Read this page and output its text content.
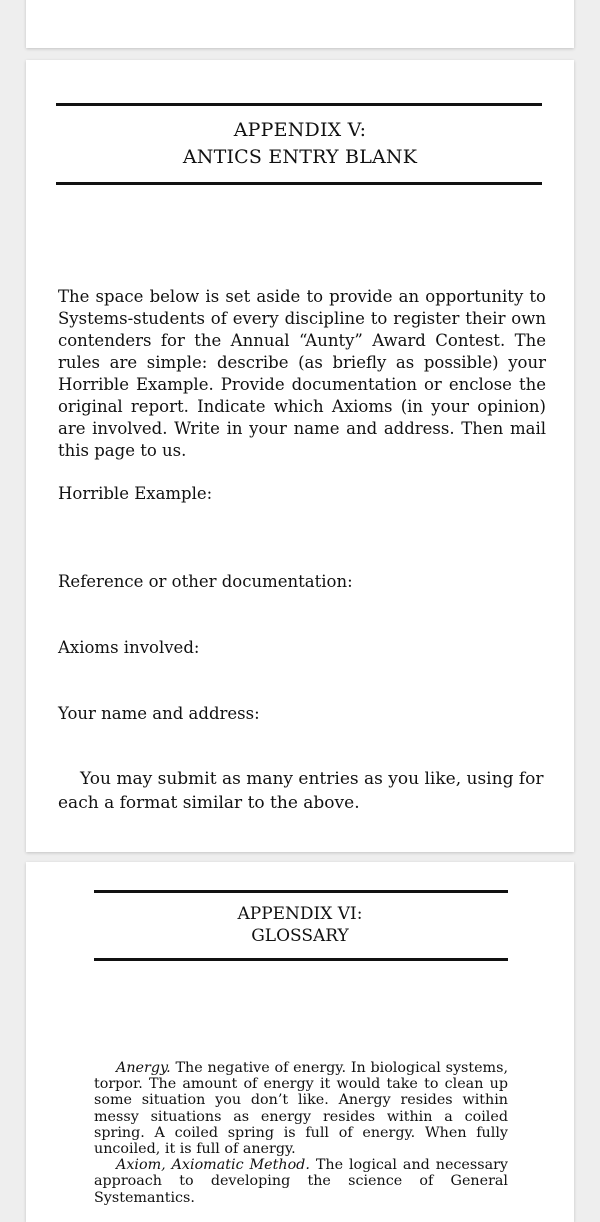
APPENDIX V:
ANTICS ENTRY BLANK
The space below is set aside to provide an opportunity to Systems-students of every discipline to register their own contenders for the Annual “Aunty” Award Contest. The rules are simple: describe (as briefly as possible) your Horrible Example. Provide documentation or enclose the original report. Indicate which Axioms (in your opinion) are involved. Write in your name and address. Then mail this page to us.
Horrible Example:
Reference or other documentation:
Axioms involved:
Your name and address:
You may submit as many entries as you like, using for each a format similar to the above.
APPENDIX VI:
GLOSSARY

Anergy. The negative of energy. In biological systems, torpor. The amount of energy it would take to clean up some situation you don’t like. Anergy resides within messy situations as energy resides within a coiled spring. A coiled spring is full of energy. When fully uncoiled, it is full of anergy.

Axiom, Axiomatic Method. The logical and necessary approach to developing the science of General Systemantics.
